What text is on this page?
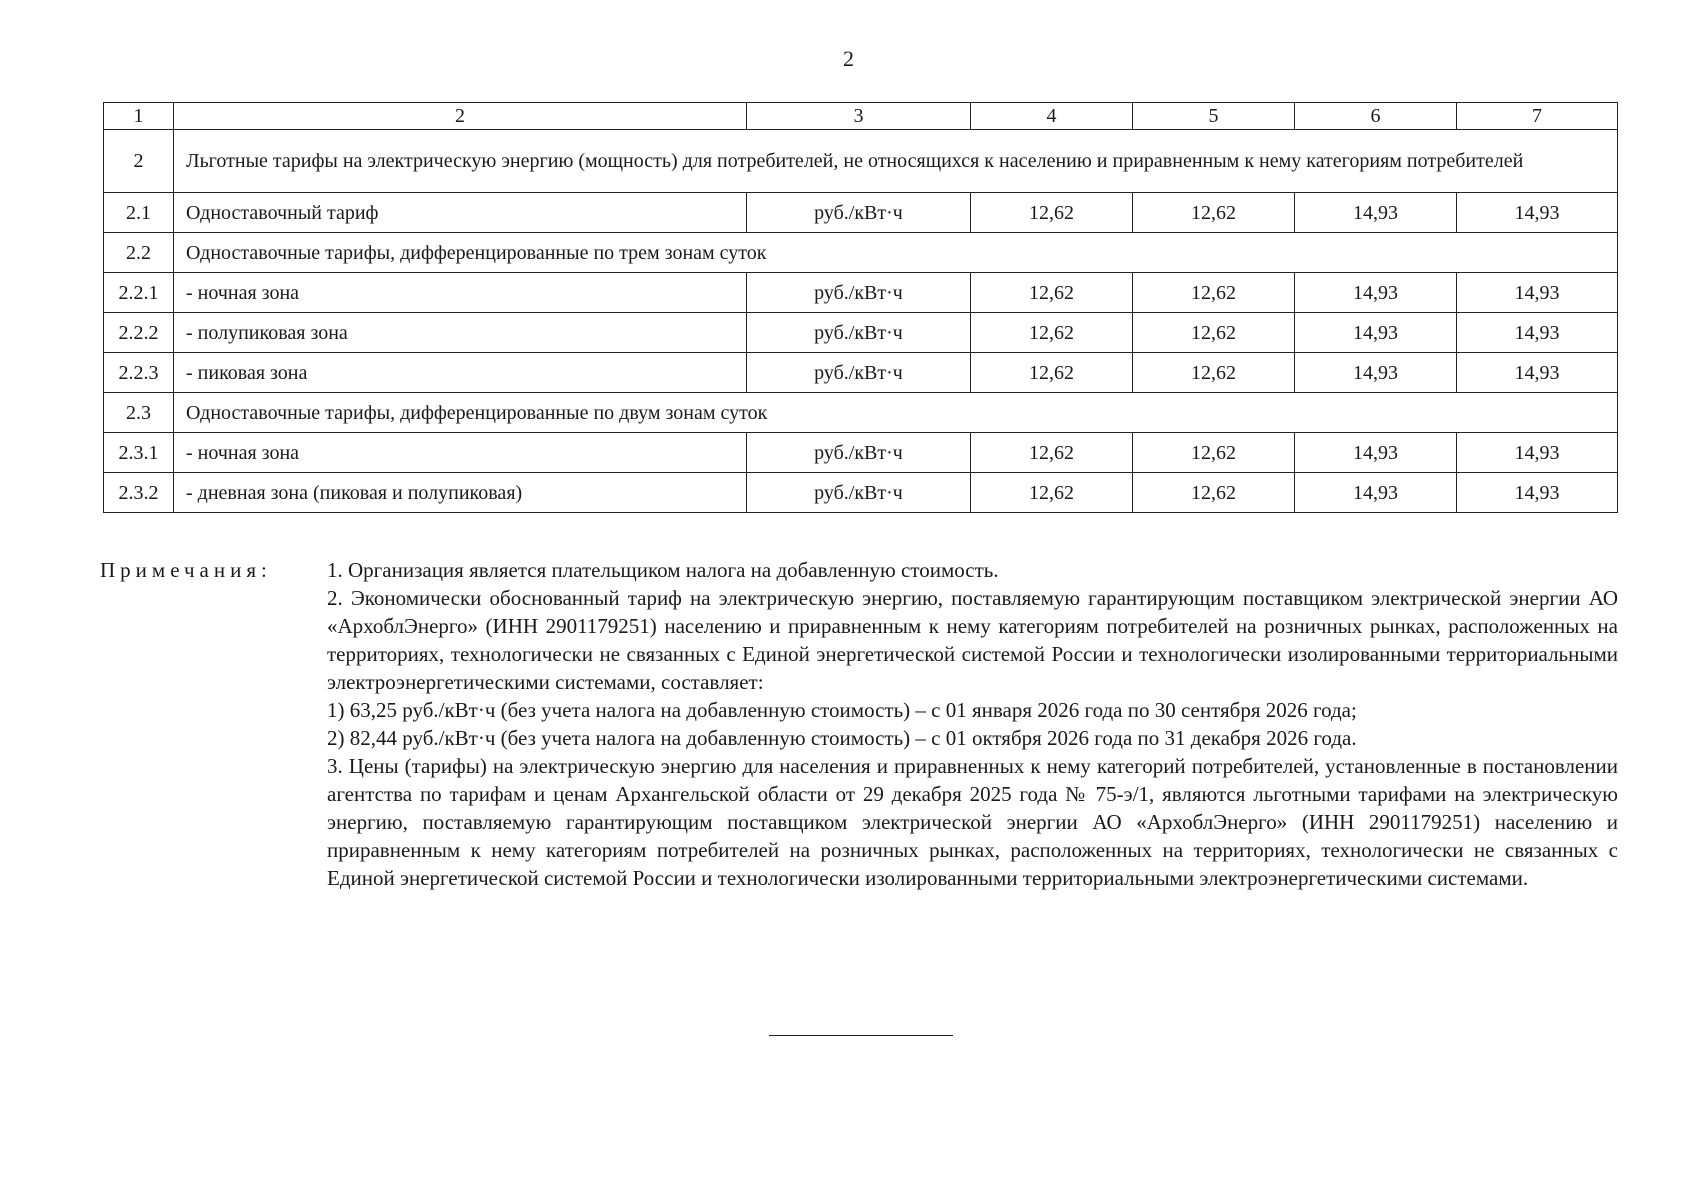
2
1	2	3	4	5	6	7
2	Льготные тарифы на электрическую энергию (мощность) для потребителей, не относящихся к населению и приравненным к нему категориям потребителей					
2.1	Одноставочный тариф	руб./кВт·ч	12,62	12,62	14,93	14,93
2.2	Одноставочные тарифы, дифференцированные по трем зонам суток					
2.2.1	- ночная зона	руб./кВт·ч	12,62	12,62	14,93	14,93
2.2.2	- полупиковая зона	руб./кВт·ч	12,62	12,62	14,93	14,93
2.2.3	- пиковая зона	руб./кВт·ч	12,62	12,62	14,93	14,93
2.3	Одноставочные тарифы, дифференцированные по двум зонам суток					
2.3.1	- ночная зона	руб./кВт·ч	12,62	12,62	14,93	14,93
2.3.2	- дневная зона (пиковая и полупиковая)	руб./кВт·ч	12,62	12,62	14,93	14,93
Примечания:	1. Организация является плательщиком налога на добавленную стоимость.

2. Экономически обоснованный тариф на электрическую энергию, поставляемую гарантирующим поставщиком электрической энергии АО «АрхоблЭнерго» (ИНН 2901179251) населению и приравненным к нему категориям потребителей на розничных рынках, расположенных на территориях, технологически не связанных с Единой энергетической системой России и технологически изолированными территориальными электроэнергетическими системами, составляет:

1) 63,25 руб./кВт·ч (без учета налога на добавленную стоимость) – с 01 января 2026 года по 30 сентября 2026 года;

2) 82,44 руб./кВт·ч (без учета налога на добавленную стоимость) – с 01 октября 2026 года по 31 декабря 2026 года.

3. Цены (тарифы) на электрическую энергию для населения и приравненных к нему категорий потребителей, установленные в постановлении агентства по тарифам и ценам Архангельской области от 29 декабря 2025 года № 75-э/1, являются льготными тарифами на электрическую энергию, поставляемую гарантирующим поставщиком электрической энергии АО «АрхоблЭнерго» (ИНН 2901179251) населению и приравненным к нему категориям потребителей на розничных рынках, расположенных на территориях, технологически не связанных с Единой энергетической системой России и технологически изолированными территориальными электроэнергетическими системами.
